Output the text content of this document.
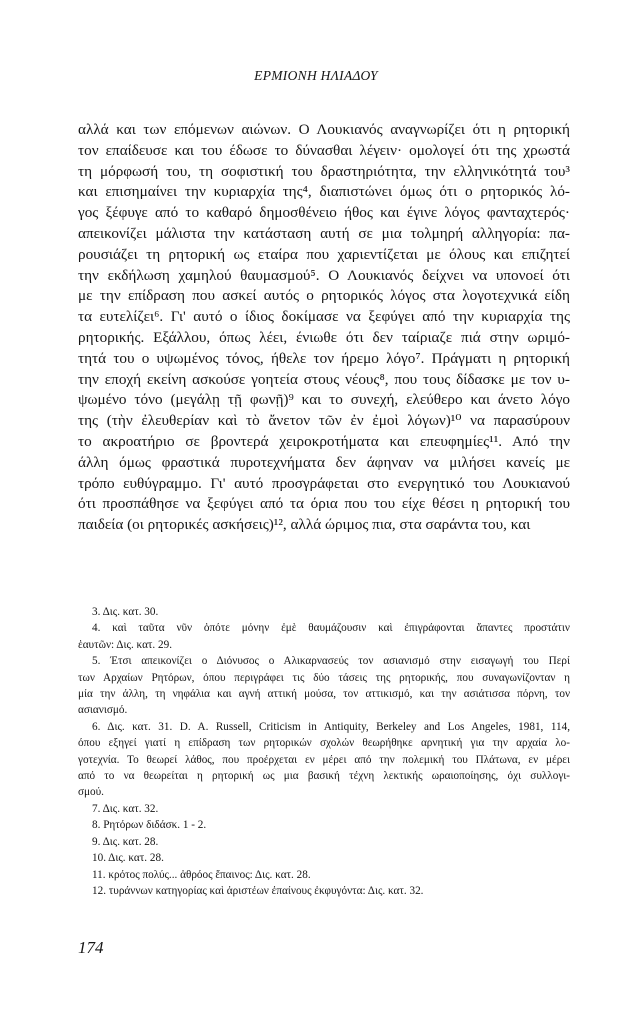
ΕΡΜΙΟΝΗ ΗΛΙΑΔΟΥ
αλλά και των επόμενων αιώνων. Ο Λουκιανός αναγνωρίζει ότι η ρητορική
τον επαίδευσε και του έδωσε το δύνασθαι λέγειν· ομολογεί ότι της χρωστά
τη μόρφωσή του, τη σοφιστική του δραστηριότητα, την ελληνικότητά του³
και επισημαίνει την κυριαρχία της⁴, διαπιστώνει όμως ότι ο ρητορικός λό-
γος ξέφυγε από το καθαρό δημοσθένειο ήθος και έγινε λόγος φανταχτερός·
απεικονίζει μάλιστα την κατάσταση αυτή σε μια τολμηρή αλληγορία: πα-
ρουσιάζει τη ρητορική ως εταίρα που χαριεντίζεται με όλους και επιζητεί
την εκδήλωση χαμηλού θαυμασμού⁵. Ο Λουκιανός δείχνει να υπονοεί ότι
με την επίδραση που ασκεί αυτός ο ρητορικός λόγος στα λογοτεχνικά είδη
τα ευτελίζει⁶. Γι' αυτό ο ίδιος δοκίμασε να ξεφύγει από την κυριαρχία της
ρητορικής. Εξάλλου, όπως λέει, ένιωθε ότι δεν ταίριαζε πιά στην ωριμό-
τητά του ο υψωμένος τόνος, ήθελε τον ήρεμο λόγο⁷. Πράγματι η ρητορική
την εποχή εκείνη ασκούσε γοητεία στους νέους⁸, που τους δίδασκε με τον υ-
ψωμένο τόνο (μεγάλῃ τῇ φωνῇ)⁹ και το συνεχή, ελεύθερο και άνετο λόγο
της (τὴν ἐλευθερίαν καὶ τὸ ἄνετον τῶν ἐν ἐμοὶ λόγων)¹⁰ να παρασύρουν
το ακροατήριο σε βροντερά χειροκροτήματα και επευφημίες¹¹. Από την
άλλη όμως φραστικά πυροτεχνήματα δεν άφηναν να μιλήσει κανείς με
τρόπο ευθύγραμμο. Γι' αυτό προσγράφεται στο ενεργητικό του Λουκιανού
ότι προσπάθησε να ξεφύγει από τα όρια που του είχε θέσει η ρητορική του
παιδεία (οι ρητορικές ασκήσεις)¹², αλλά ώριμος πια, στα σαράντα του, και
3. Δις. κατ. 30.
4. καὶ ταῦτα νῦν ὁπότε μόνην ἐμὲ θαυμάζουσιν καὶ ἐπιγράφονται ἅπαντες προστάτιν
ἑαυτῶν: Δις. κατ. 29.
5. Έτσι απεικονίζει ο Διόνυσος ο Αλικαρνασεύς τον ασιανισμό στην εισαγωγή του Περί
των Αρχαίων Ρητόρων, όπου περιγράφει τις δύο τάσεις της ρητορικής, που συναγωνίζονταν η
μία την άλλη, τη νηφάλια και αγνή αττική μούσα, τον αττικισμό, και την ασιάτισσα πόρνη, τον
ασιανισμό.
6. Δις. κατ. 31. D. A. Russell, Criticism in Antiquity, Berkeley and Los Angeles, 1981, 114,
όπου εξηγεί γιατί η επίδραση των ρητορικών σχολών θεωρήθηκε αρνητική για την αρχαία λο-
γοτεχνία. Το θεωρεί λάθος, που προέρχεται εν μέρει από την πολεμική του Πλάτωνα, εν μέρει
από το να θεωρείται η ρητορική ως μια βασική τέχνη λεκτικής ωραιοποίησης, όχι συλλογι-
σμού.
7. Δις. κατ. 32.
8. Ρητόρων διδάσκ. 1 - 2.
9. Δις. κατ. 28.
10. Δις. κατ. 28.
11. κρότος πολύς... ἀθρόος ἔπαινος: Δις. κατ. 28.
12. τυράννων κατηγορίας καὶ ἀριστέων ἐπαίνους ἐκφυγόντα: Δις. κατ. 32.
174
